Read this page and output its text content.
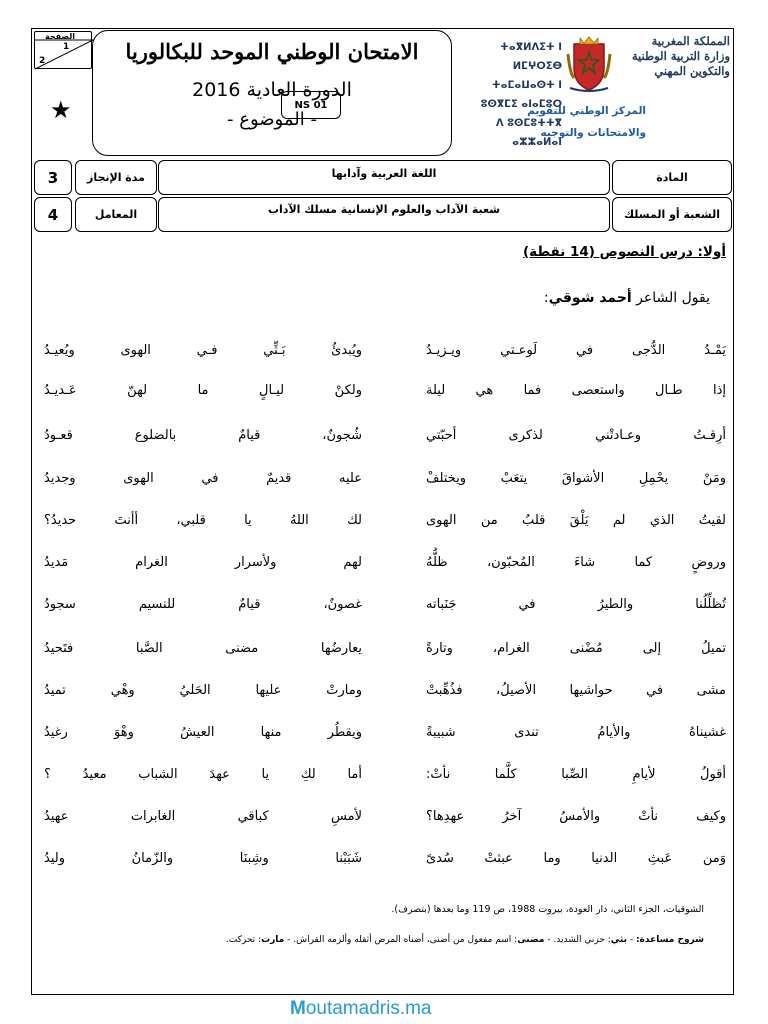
الصفحة
1
2
★
الامتحان الوطني الموحد للبكالوريا
الدورة العادية 2016
- الموضوع -
NS 01
ⵜⴰⴳⵍⴷⵉⵜ ⵏ ⵍⵎⵖⵔⵉⴱ
ⵜⴰⵎⴰⵡⴰⵙⵜ ⵏ ⵓⵙⴳⵎⵉ ⴰⵏⴰⵎⵓⵔ
ⴷ ⵓⵙⵎⵓⵜⵜⴳ ⴰⵣⵣⴰⵍⴰⵏ
المملكة المغربية
وزارة التربية الوطنية
والتكوين المهني
المركز الوطني للتقويم
والامتحانات والتوجيه
3	مدة الإنجاز	اللغة العربية وآدابها	المادة
4	المعامل	شعبة الآداب والعلوم الإنسانية مسلك الآداب	الشعبة أو المسلك
أولا: درس النصوص (14 نقطة)
يقول الشاعر أحمد شوقي:
يَمْـدُ الدُّجى في لَوعـتي ويـزيـدُ
ويُبدئُ بَـثِّي فـي الهوى ويُعيـدُ
إذا طـال واستعصى فما هي ليلة
ولكنْ ليـالٍ ما لهنّ عَـديـدُ
أرِقـتُ وعـادتْني لذكرى أحبّتي
شُجونٌ، قيامٌ بالضلوع قعـودُ
ومَنْ يحْمِلِ الأشواقَ يتعَبْ ويختلفْ
عليه قديمٌ في الهوى وجديدُ
لقيتُ الذي لم يَلْقَ قلبٌ من الهوى
لك اللهُ يا قلبي، أأنتَ حديدُ؟
وروضٍ كما شاءَ المُحبّون، ظلُّهُ
لهم ولأسرار الغرام مَديدُ
تُظلِّلُنا والطيرُ في جَنَباته
غصونٌ، قيامٌ للنسيم سجودُ
تميلُ إلى مُضْنى الغرام، وتارةً
يعارضُها مضنى الصَّبا فتَحيدُ
مشى في حواشيها الأصيلُ، فذُهِّبتْ
ومارتْ عليها الحَليُ وهْي تميدُ
غشيناهُ والأيامُ تندى شبيبةً
ويقطُر منها العيشُ وهْوَ رغيدُ
أقولُ لأيامِ الصِّبا كلَّما نأتْ:
أما لكِ يا عهدَ الشباب معيدُ ؟
وكيف نأتْ والأمسُ آخرُ عهدِها؟
لأمسِ كباقي الغابرات عهيدُ
وَمن عَبثِ الدنيا وما عبثتْ سُدىً
شَبَبْنا وشِبنَا والزّمانُ وليدُ
الشوقيات، الجزء الثاني، دار العودة، بيروت 1988، ص 119 وما بعدها (بتصرف).
شروح مساعدة: - بثي: حزني الشديد. - مضنى: اسم مفعول من أضنى، أضناه المرض أثقله وألزمه الفراش. - مارت: تحركت.
Moutamadris.ma
